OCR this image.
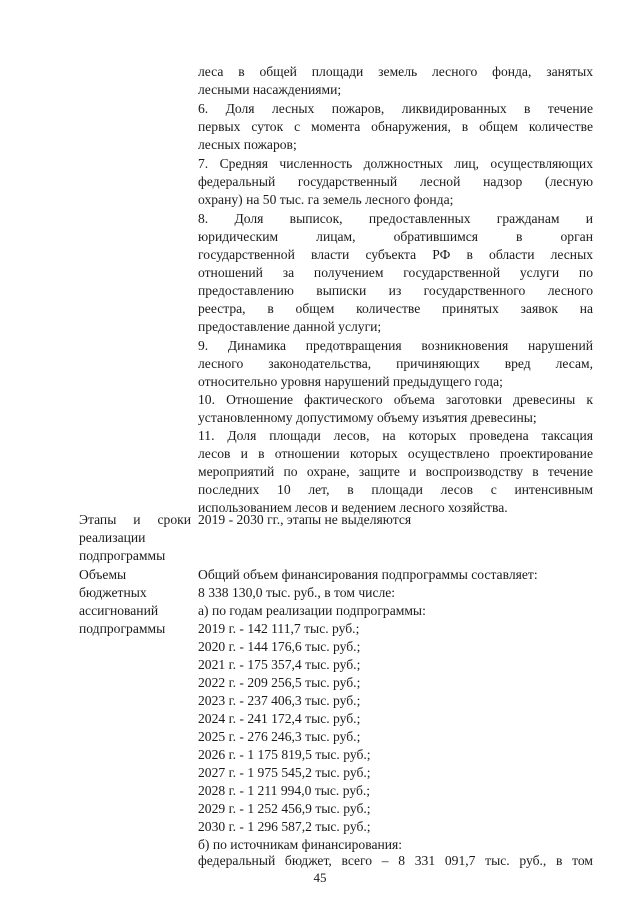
леса в общей площади земель лесного фонда, занятых
лесными насаждениями;
6. Доля лесных пожаров, ликвидированных в течение
первых суток с момента обнаружения, в общем количестве
лесных пожаров;
7. Средняя численность должностных лиц, осуществляющих
федеральный государственный лесной надзор (лесную
охрану) на 50 тыс. га земель лесного фонда;
8. Доля выписок, предоставленных гражданам и
юридическим лицам, обратившимся в орган
государственной власти субъекта РФ в области лесных
отношений за получением государственной услуги по
предоставлению выписки из государственного лесного
реестра, в общем количестве принятых заявок на
предоставление данной услуги;
9. Динамика предотвращения возникновения нарушений
лесного законодательства, причиняющих вред лесам,
относительно уровня нарушений предыдущего года;
10. Отношение фактического объема заготовки древесины к
установленному допустимому объему изъятия древесины;
11. Доля площади лесов, на которых проведена таксация
лесов и в отношении которых осуществлено проектирование
мероприятий по охране, защите и воспроизводству в течение
последних 10 лет, в площади лесов с интенсивным
использованием лесов и ведением лесного хозяйства.
2019 - 2030 гг., этапы не выделяются
Общий объем финансирования подпрограммы составляет:
8 338 130,0 тыс. руб., в том числе:
а) по годам реализации подпрограммы:
2019 г. - 142 111,7 тыс. руб.;
2020 г. - 144 176,6 тыс. руб.;
2021 г. - 175 357,4 тыс. руб.;
2022 г. - 209 256,5 тыс. руб.;
2023 г. - 237 406,3 тыс. руб.;
2024 г. - 241 172,4 тыс. руб.;
2025 г. - 276 246,3 тыс. руб.;
2026 г. - 1 175 819,5 тыс. руб.;
2027 г. - 1 975 545,2 тыс. руб.;
2028 г. - 1 211 994,0 тыс. руб.;
2029 г. - 1 252 456,9 тыс. руб.;
2030 г. - 1 296 587,2 тыс. руб.;
б) по источникам финансирования:
федеральный бюджет, всего – 8 331 091,7 тыс. руб., в том
Этапы и сроки
реализации
подпрограммы
Объемы
бюджетных
ассигнований
подпрограммы
45
